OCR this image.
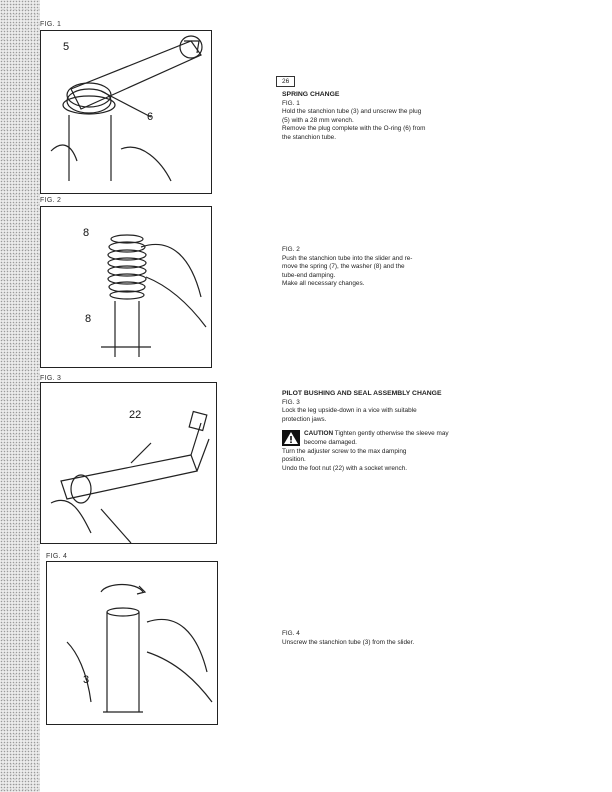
FIG. 1
5
6
FIG. 2
8
8
FIG. 3
22
FIG. 4
3
26

SPRING CHANGE

FIG. 1

Hold the stanchion tube (3) and unscrew the plug

(5) with a 28 mm wrench.

Remove the plug complete with the O-ring (6) from

the stanchion tube.

FIG. 2

Push the stanchion tube into the slider and re-

move the spring (7), the washer (8) and the

tube-end damping.

Make all necessary changes.

PILOT BUSHING AND SEAL ASSEMBLY CHANGE

FIG. 3

Lock the leg upside-down in a vice with suitable

protection jaws.

CAUTION Tighten gently otherwise the sleeve may become damaged.

Turn the adjuster screw to the max damping

position.

Undo the foot nut (22) with a socket wrench.

FIG. 4

Unscrew the stanchion tube (3) from the slider.
